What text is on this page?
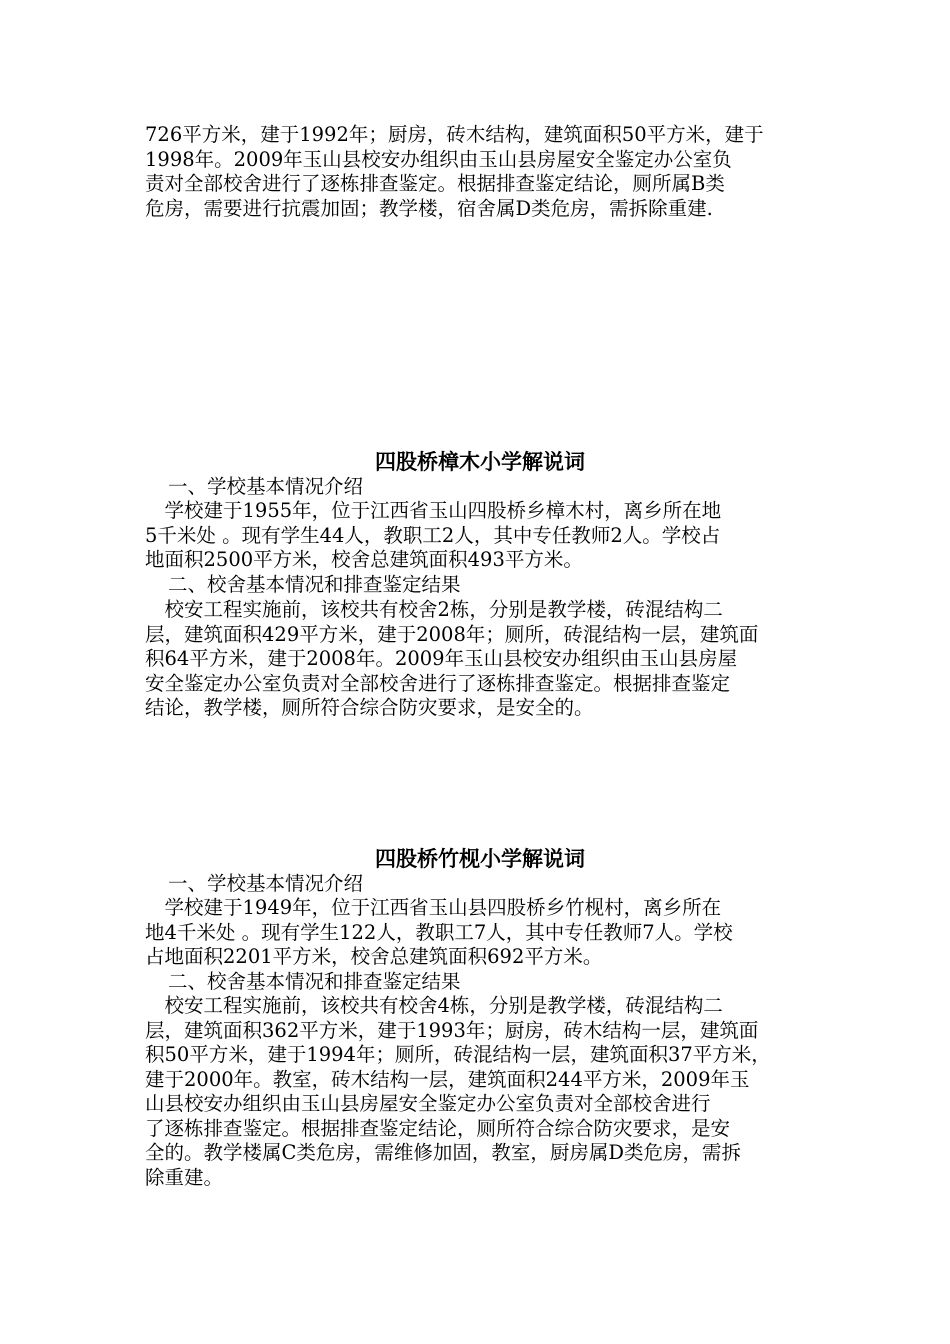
726平方米，建于1992年；厨房，砖木结构，建筑面积50平方米，建于
1998年。2009年玉山县校安办组织由玉山县房屋安全鉴定办公室负
责对全部校舍进行了逐栋排查鉴定。根据排查鉴定结论，厕所属B类
危房，需要进行抗震加固；教学楼，宿舍属D类危房，需拆除重建.
四股桥樟木小学解说词
一、学校基本情况介绍
　学校建于1955年，位于江西省玉山四股桥乡樟木村，离乡所在地
5千米处 。现有学生44人，教职工2人，其中专任教师2人。学校占
地面积2500平方米，校舍总建筑面积493平方米。
二、校舍基本情况和排查鉴定结果
　校安工程实施前，该校共有校舍2栋，分别是教学楼，砖混结构二
层，建筑面积429平方米，建于2008年；厕所，砖混结构一层，建筑面
积64平方米，建于2008年。2009年玉山县校安办组织由玉山县房屋
安全鉴定办公室负责对全部校舍进行了逐栋排查鉴定。根据排查鉴定
结论，教学楼，厕所符合综合防灾要求，是安全的。
四股桥竹枧小学解说词
一、学校基本情况介绍
　学校建于1949年，位于江西省玉山县四股桥乡竹枧村，离乡所在
地4千米处 。现有学生122人，教职工7人，其中专任教师7人。学校
占地面积2201平方米，校舍总建筑面积692平方米。
二、校舍基本情况和排查鉴定结果
　校安工程实施前，该校共有校舍4栋，分别是教学楼，砖混结构二
层，建筑面积362平方米，建于1993年；厨房，砖木结构一层，建筑面
积50平方米，建于1994年；厕所，砖混结构一层，建筑面积37平方米，
建于2000年。教室，砖木结构一层，建筑面积244平方米，2009年玉
山县校安办组织由玉山县房屋安全鉴定办公室负责对全部校舍进行
了逐栋排查鉴定。根据排查鉴定结论，厕所符合综合防灾要求，是安
全的。教学楼属C类危房，需维修加固，教室，厨房属D类危房，需拆
除重建。
